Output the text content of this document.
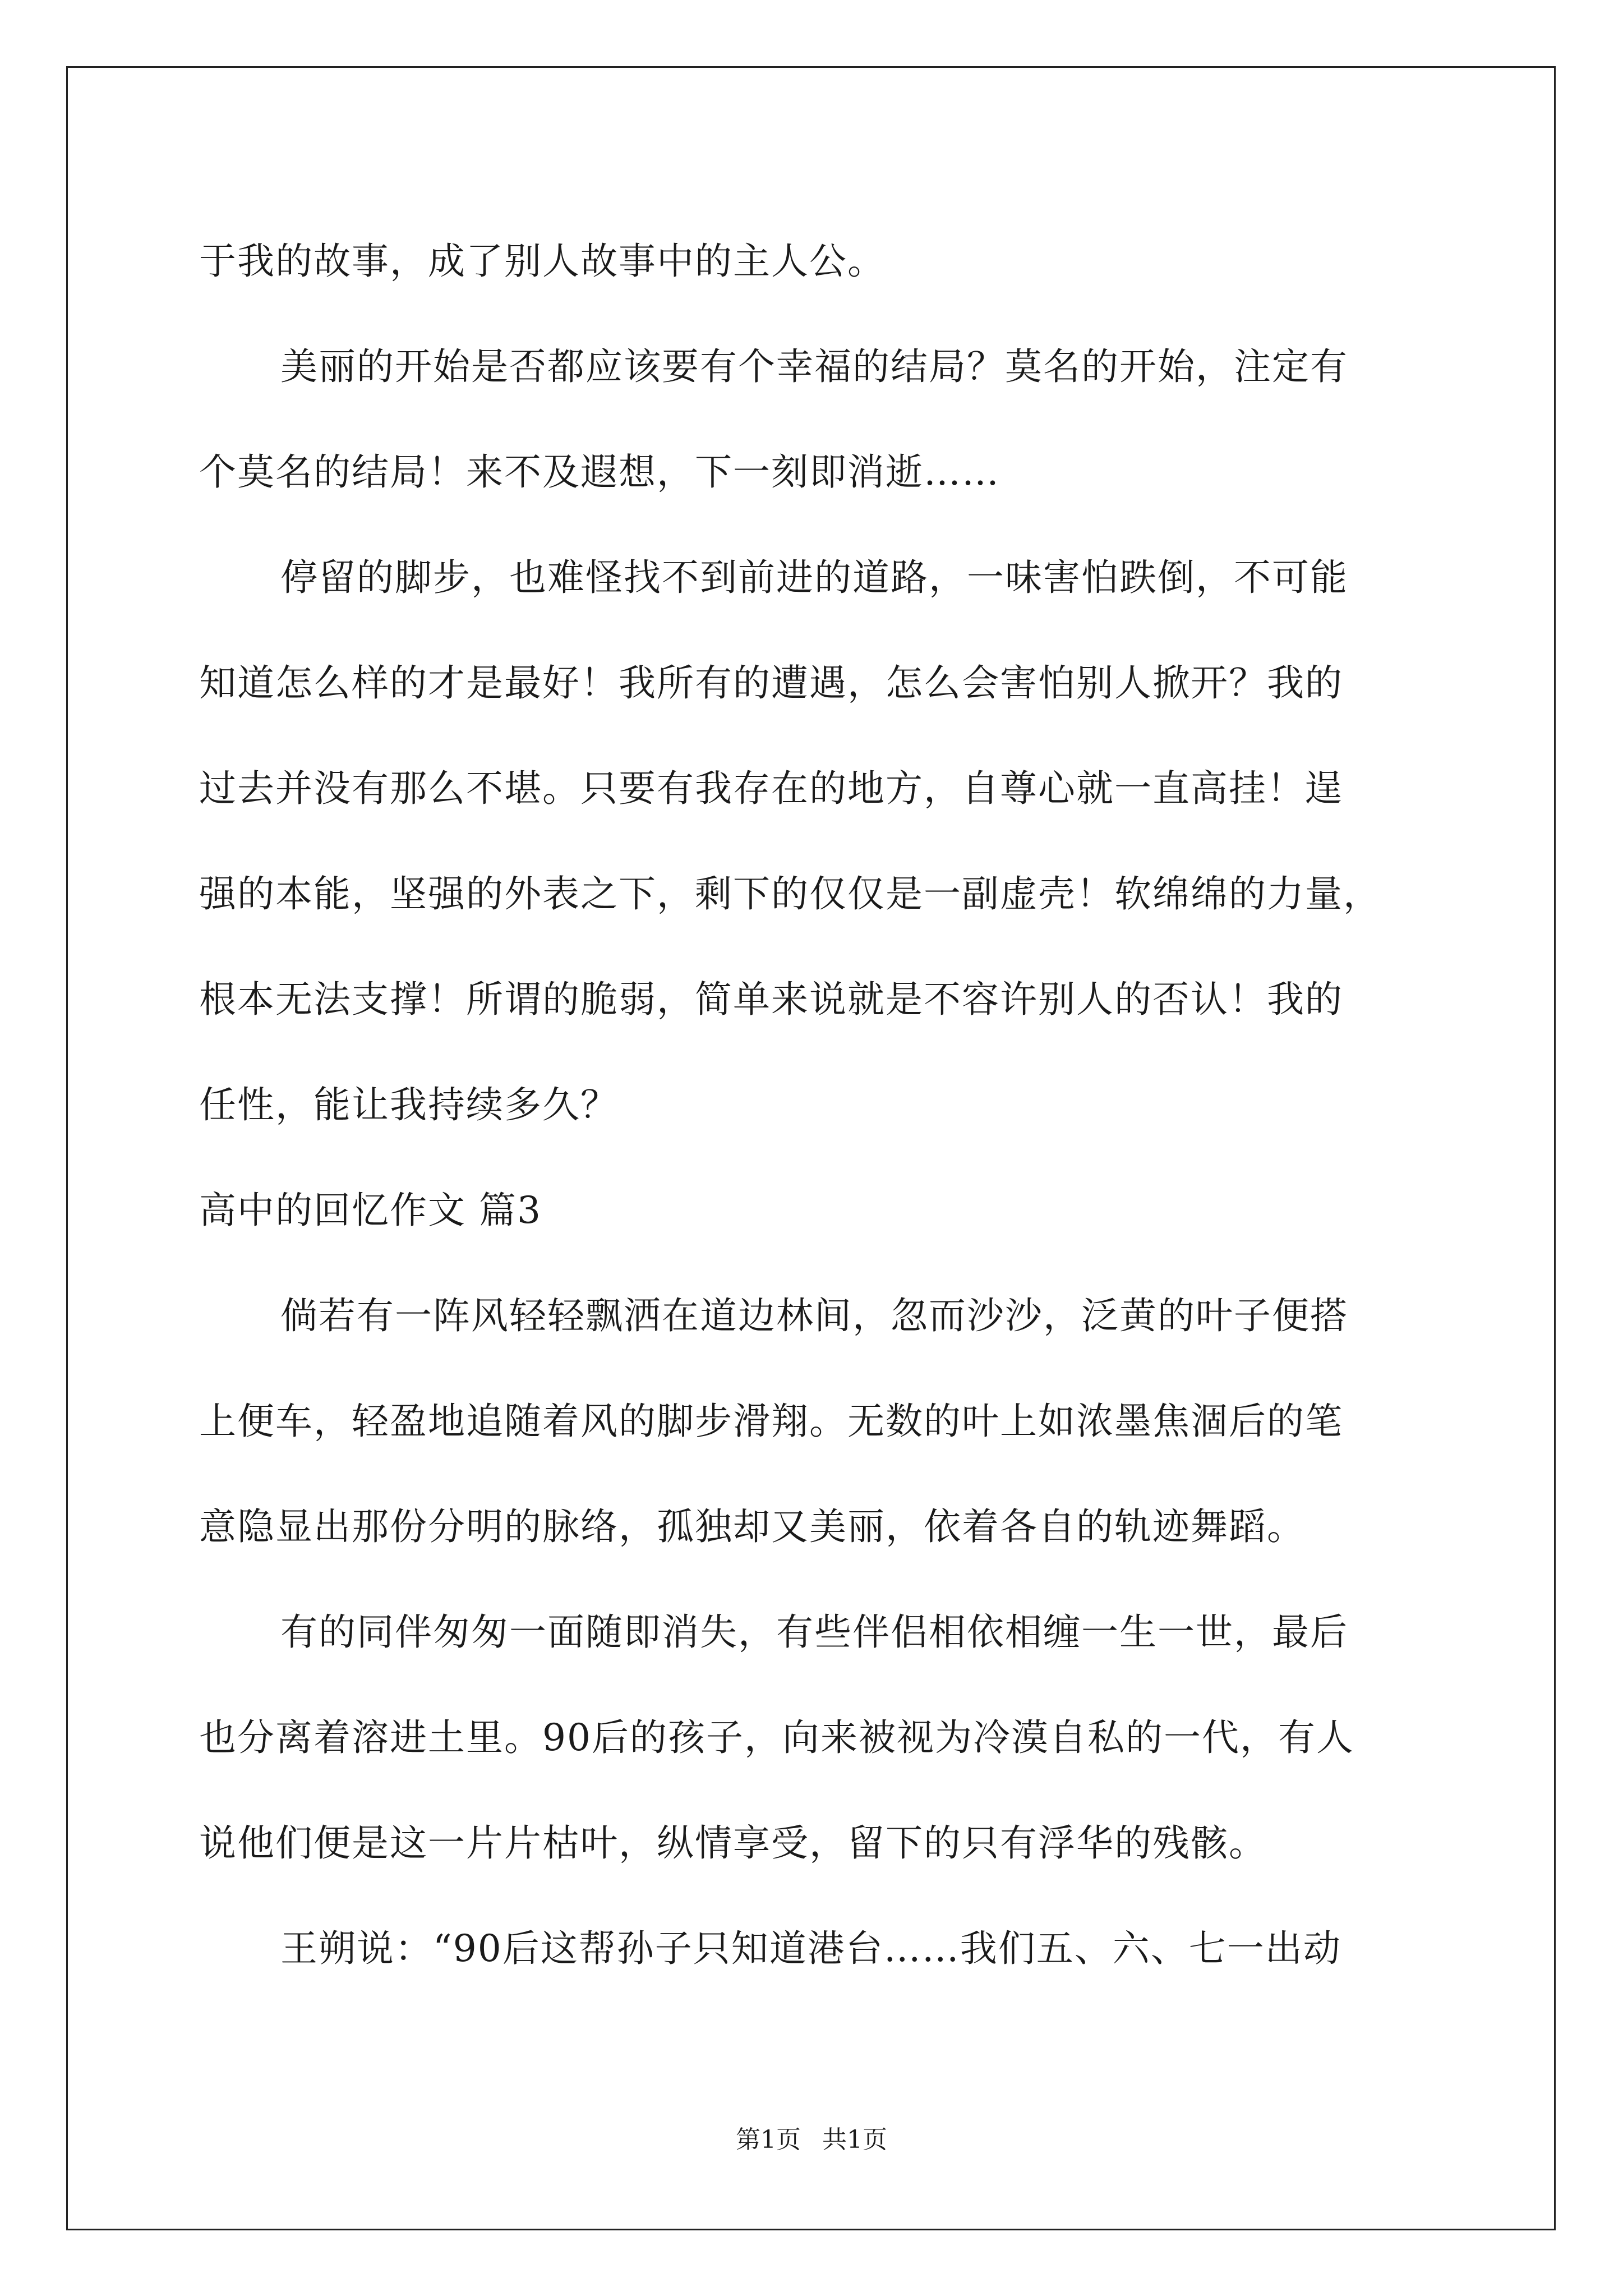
于我的故事，成了别人故事中的主人公。
美丽的开始是否都应该要有个幸福的结局？莫名的开始，注定有
个莫名的结局！来不及遐想，下一刻即消逝……
停留的脚步，也难怪找不到前进的道路，一味害怕跌倒，不可能
知道怎么样的才是最好！我所有的遭遇，怎么会害怕别人掀开？我的
过去并没有那么不堪。只要有我存在的地方，自尊心就一直高挂！逞
强的本能，坚强的外表之下，剩下的仅仅是一副虚壳！软绵绵的力量，
根本无法支撑！所谓的脆弱，简单来说就是不容许别人的否认！我的
任性，能让我持续多久？
高中的回忆作文 篇3
倘若有一阵风轻轻飘洒在道边林间，忽而沙沙，泛黄的叶子便搭
上便车，轻盈地追随着风的脚步滑翔。无数的叶上如浓墨焦涸后的笔
意隐显出那份分明的脉络，孤独却又美丽，依着各自的轨迹舞蹈。
有的同伴匆匆一面随即消失，有些伴侣相依相缠一生一世，最后
也分离着溶进土里。90后的孩子，向来被视为冷漠自私的一代，有人
说他们便是这一片片枯叶，纵情享受，留下的只有浮华的残骸。
王朔说：“90后这帮孙子只知道港台……我们五、六、七一出动
第1页 共1页
